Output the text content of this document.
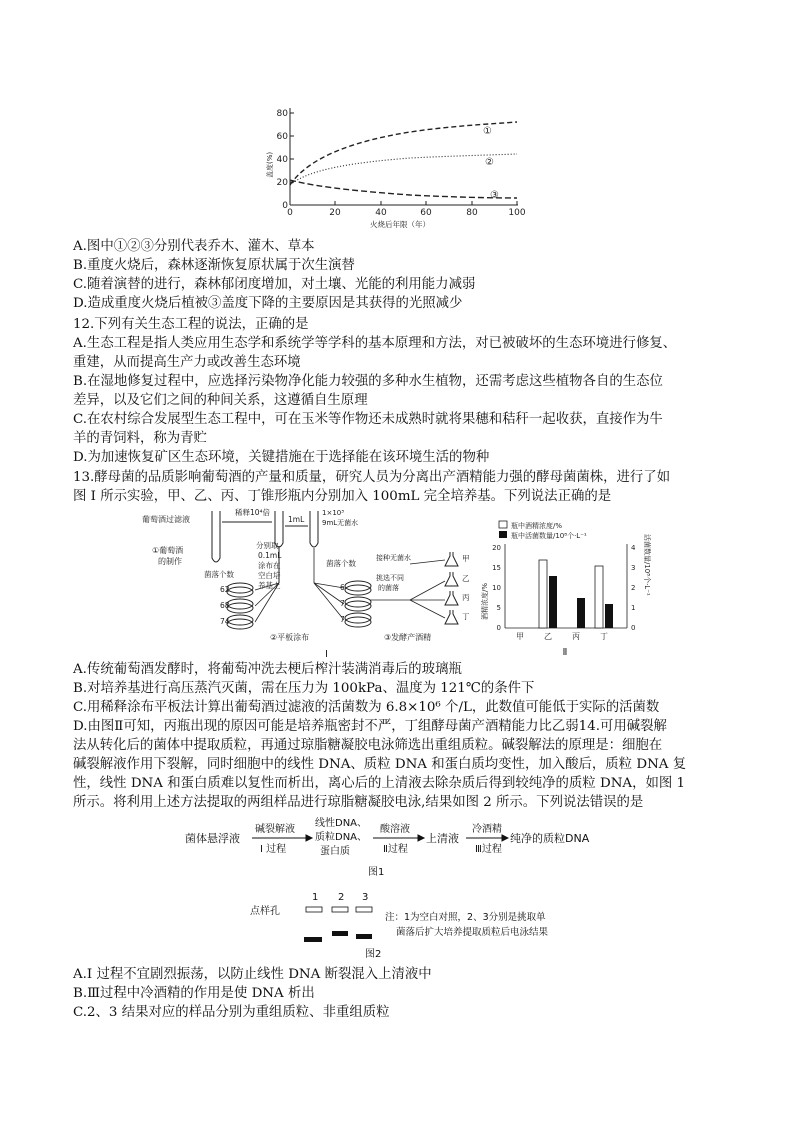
80
60
40
20
0
盖度(%)
0	20	40	60	80	100
火烧后年限（年）
①
②
③
A.图中①②③分别代表乔木、灌木、草本
B.重度火烧后，森林逐渐恢复原状属于次生演替
C.随着演替的进行，森林郁闭度增加，对土壤、光能的利用能力减弱
D.造成重度火烧后植被③盖度下降的主要原因是其获得的光照减少
12.下列有关生态工程的说法，正确的是
A.生态工程是指人类应用生态学和系统学等学科的基本原理和方法，对已被破坏的生态环境进行修复、
重建，从而提高生产力或改善生态环境
B.在湿地修复过程中，应选择污染物净化能力较强的多种水生植物，还需考虑这些植物各自的生态位
差异，以及它们之间的种间关系，这遵循自生原理
C.在农村综合发展型生态工程中，可在玉米等作物还未成熟时就将果穗和秸秆一起收获，直接作为牛
羊的青饲料，称为青贮
D.为加速恢复矿区生态环境，关键措施在于选择能在该环境生活的物种
13.酵母菌的品质影响葡萄酒的产量和质量，研究人员为分离出产酒精能力强的酵母菌菌株，进行了如
图 I 所示实验，甲、乙、丙、丁锥形瓶内分别加入 100mL 完全培养基。下列说法正确的是
葡萄酒过滤液
①葡萄酒
的制作
稀释10⁴倍
1mL
1×10³
9mL无菌水
分别取
0.1mL
涂布在
空白培
养基上
菌落个数
62
68
74
菌落个数
6
7
7
②平板涂布
接种无菌水
挑选不同
的菌落
甲
乙
丙
丁
③发酵产酒精
Ⅰ
瓶中酒精浓度/%
瓶中活菌数量/10⁸个·L⁻¹
酒精浓度/%
活菌数量/10⁸个·L⁻¹
20
15
10
5
0
4
3
2
1
0
甲	乙	丙	丁
Ⅱ
A.传统葡萄酒发酵时，将葡萄冲洗去梗后榨汁装满消毒后的玻璃瓶
B.对培养基进行高压蒸汽灭菌，需在压力为 100kPa、温度为 121℃的条件下
C.用稀释涂布平板法计算出葡萄酒过滤液的活菌数为 6.8×10⁶ 个/L，此数值可能低于实际的活菌数
D.由图Ⅱ可知，丙瓶出现的原因可能是培养瓶密封不严，丁组酵母菌产酒精能力比乙弱14.可用碱裂解
法从转化后的菌体中提取质粒，再通过琼脂糖凝胶电泳筛选出重组质粒。碱裂解法的原理是：细胞在
碱裂解液作用下裂解，同时细胞中的线性 DNA、质粒 DNA 和蛋白质均变性，加入酸后，质粒 DNA 复
性，线性 DNA 和蛋白质难以复性而析出，离心后的上清液去除杂质后得到较纯净的质粒 DNA，如图 1
所示。将利用上述方法提取的两组样品进行琼脂糖凝胶电泳,结果如图 2 所示。下列说法错误的是
菌体悬浮液
碱裂解液
I 过程
线性DNA、
质粒DNA、
蛋白质
酸溶液
Ⅱ过程
上清液
冷酒精
Ⅲ过程
纯净的质粒DNA
图1
点样孔
1 2 3
注：1为空白对照，2、3分别是挑取单
菌落后扩大培养提取质粒后电泳结果
图2
A.I 过程不宜剧烈振荡，以防止线性 DNA 断裂混入上清液中
B.Ⅲ过程中冷酒精的作用是使 DNA 析出
C.2、3 结果对应的样品分别为重组质粒、非重组质粒
